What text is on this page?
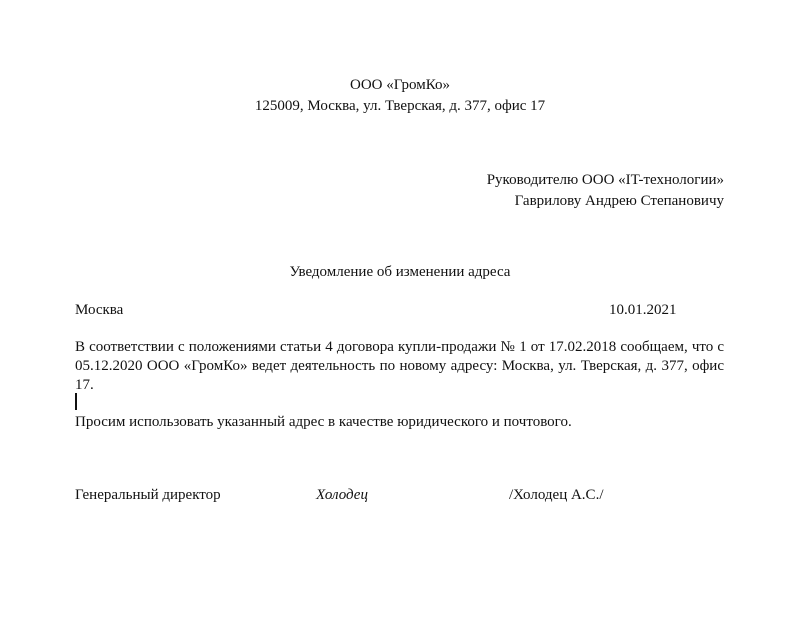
ООО «ГромКо»
125009, Москва, ул. Тверская, д. 377, офис 17
Руководителю ООО «IT-технологии»
Гаврилову Андрею Степановичу
Уведомление об изменении адреса
Москва	10.01.2021
В соответствии с положениями статьи 4 договора купли-продажи № 1 от 17.02.2018 сообщаем, что с 05.12.2020 ООО «ГромКо» ведет деятельность по новому адресу: Москва, ул. Тверская, д. 377, офис 17.
Просим использовать указанный адрес в качестве юридического и почтового.
Генеральный директор	Холодец	/Холодец А.С./
